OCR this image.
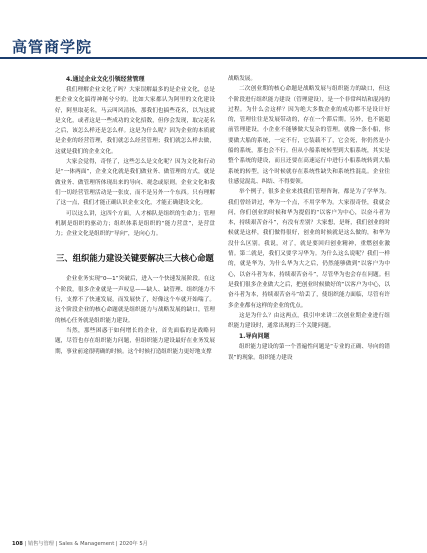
高管商学院
4.通过企业文化引领经营管理

我们理解企业文化了吗？大家误解最多的是企业文化，总是把企业文化搞得神秘兮兮的。比如大家都认为阿里的文化建设好，阿里取花名，马云叫风清扬，那我们也搞些花名，以为这就是文化，或者这是一些成功的文化招数，但你会发现，取完花名之后，该怎么样还是怎么样。这是为什么呢？因为企业的本质就是企业的经营管理，我们就怎么经营管理；我们就怎么样去做，这就是我们的企业文化。

大家会觉得，奇怪了，这些怎么是文化呢？因为文化和行动是“一体两面”，企业文化就是我们做业务、做管理的方式，就是做业务、做管理所体现出来的导向、观念或原则。企业文化和我们一切经营管理活动是一张皮，而不是另外一个东西。只有理解了这一点，我们才能正确认识企业文化，才能正确建设文化。

可以这么讲，这四个方面，人才梯队是组织的生命力；管理机制是组织的驱动力；组织体系是组织的“能力营盘”，是营盘力；企业文化是组织的“导向”，是向心力。

三、组织能力建设关键要解决三大核心命题

企业业务实现“0—1”突破后，进入一个快速发展阶段。在这个阶段，很多企业就是一声叹息——缺人、缺管理、组织能力不行，支撑不了快速发展，而发展快了，好像这个车就开始喘了。这个阶段企业的核心命题就是组织能力与战略发展的缺口，管理的核心任务就是组织能力建设。

当然，那些困惑于如何增长的企业，首先面临的是战略问题，尽管也存在组织能力问题，但组织能力建设最好在业务发展期，事业前途很明确的时候。这个时候打造组织能力更好地支撑

战略发展。

二次创业期的核心命题是战略发展与组织能力的缺口，但这个阶段进行组织能力建设（管理建设），是一个非常纠结和混沌的过程。为什么会这样？因为绝大多数企业的成功都不是设计好的，管理往往是发展带动的，存在一个滞后期。另外，也不能超前管理建设，小企业不能够做大复杂的管理。就像一条小船，你要做大船的系统，一定不行，它装载不了，它会死，你仍然是小船的系统，那也会不行。但从小船系统转型到大船系统，其实是整个系统的建设，而且还要在高速运行中进行小船系统转到大船系统的转型，这个时候就存在系统性缺失和系统性混乱。企业往往感觉混乱、纠结、不得要领。

举个例子，很多企业来找我们管理咨询，都是为了学华为。我们曾经讲过，华为一个点，不用学华为。大家很奇怪，我就会问，你们创业的时候和华为提倡的“以客户为中心，以奋斗者为本，持续艰苦奋斗”，有没有差别？大家想，是呀，我们创业的时候就是这样，我们做得很好，创业的时候就是这么做的，和华为没什么区别。我说，对了，就是要回归创业精神，重燃创业激情。第二就是，我们又要学习华为。为什么这么说呢？我们一样的，就是华为，为什么华为大之后，仍然能够做到“以客户为中心，以奋斗者为本，持续艰苦奋斗”，尽管华为也会存在问题。但是我们很多企业做大之后，把创业时候做好的“以客户为中心，以奋斗者为本，持续艰苦奋斗”给丢了，使组织能力面临，尽管有许多企业都有这样的企业的优点。

这是为什么？由这两点，我引申来讲二次创业期企业进行组织能力建设时，通常出现的三个关键问题。

1.导向问题

组织能力建设的第一个普遍性问题是“专业的正确、导向的错误”的现象。组织能力建设

108 | 销售与管理 | Sales & Management | 2020年 5月
